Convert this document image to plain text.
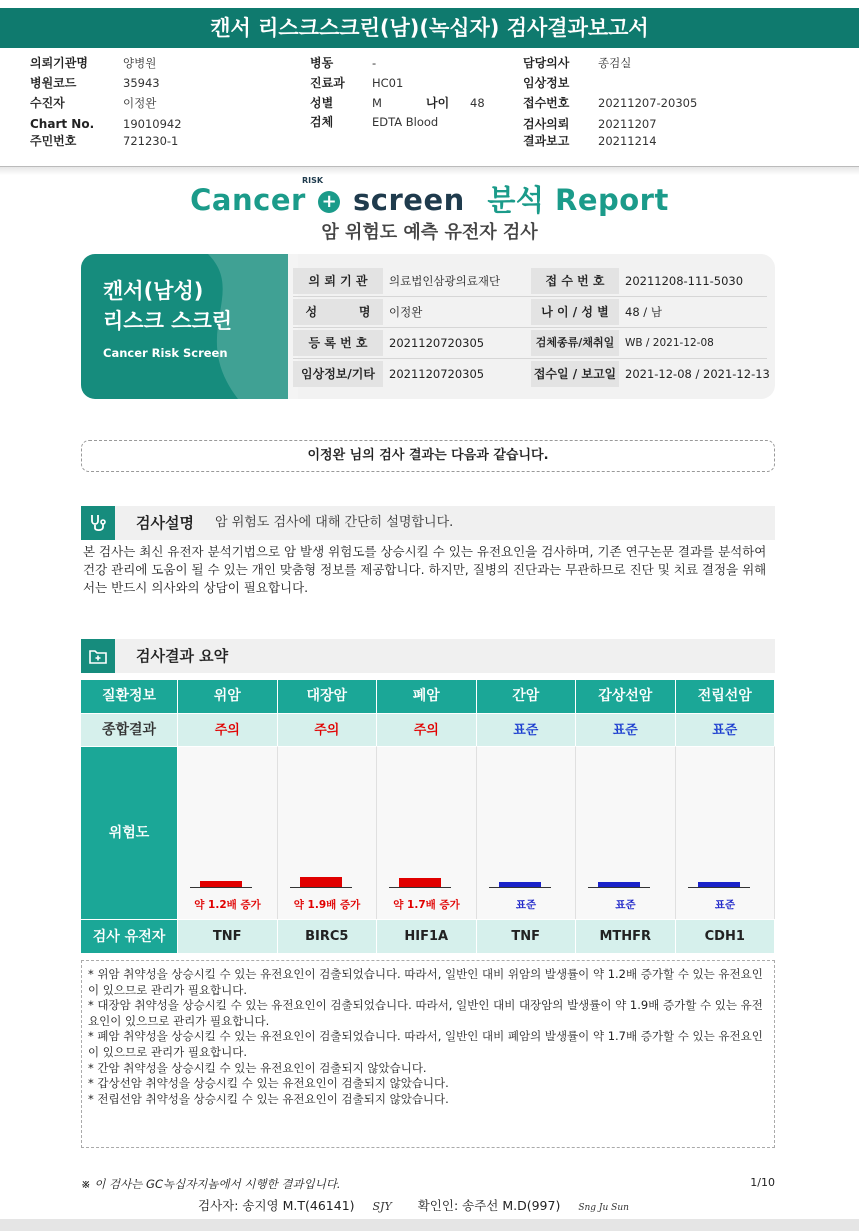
캔서 리스크스크린(남)(녹십자) 검사결과보고서
의뢰기관명	양병원
병원코드	35943
수진자	이정완
Chart No.	19010942
주민번호	721230-1
병동	-
진료과 HC01
성별	M	나이 48
검체	EDTA Blood
담당의사 종검실
임상정보
접수번호 20211207-20305
검사의뢰 20211207
결과보고 20211214
RISK
Cancer + screen 분석 Report
암 위험도 예측 유전자 검사
캔서(남성)
리스크 스크린
Cancer Risk Screen
의 뢰 기 관	의료법인삼광의료재단	접 수 번 호	20211208-111-5030
성          명	이정완	나 이 / 성 별	48 / 남
등 록 번 호	2021120720305	검체종류/채취일	WB / 2021-12-08
임상정보/기타	2021120720305	접수일 / 보고일 2021-12-08 / 2021-12-13
이정완 님의 검사 결과는 다음과 같습니다.
검사설명 암 위험도 검사에 대해 간단히 설명합니다.
본 검사는 최신 유전자 분석기법으로 암 발생 위험도를 상승시킬 수 있는 유전요인을 검사하며, 기존 연구논문 결과를 분석하여 건강 관리에 도움이 될 수 있는 개인 맞춤형 정보를 제공합니다. 하지만, 질병의 진단과는 무관하므로 진단 및 치료 결정을 위해서는 반드시 의사와의 상담이 필요합니다.
검사결과 요약
질환정보	위암	대장암	폐암	간암	갑상선암	전립선암
종합결과	주의	주의	주의	표준	표준	표준
위험도
약 1.2배 증가	약 1.9배 증가	약 1.7배 증가	표준	표준	표준
검사 유전자	TNF	BIRC5	HIF1A	TNF	MTHFR	CDH1

* 위암 취약성을 상승시킬 수 있는 유전요인이 검출되었습니다. 따라서, 일반인 대비 위암의 발생률이 약 1.2배 증가할 수 있는 유전요인이 있으므로 관리가 필요합니다.

* 대장암 취약성을 상승시킬 수 있는 유전요인이 검출되었습니다. 따라서, 일반인 대비 대장암의 발생률이 약 1.9배 증가할 수 있는 유전요인이 있으므로 관리가 필요합니다.

* 폐암 취약성을 상승시킬 수 있는 유전요인이 검출되었습니다. 따라서, 일반인 대비 폐암의 발생률이 약 1.7배 증가할 수 있는 유전요인이 있으므로 관리가 필요합니다.

* 간암 취약성을 상승시킬 수 있는 유전요인이 검출되지 않았습니다.

* 갑상선암 취약성을 상승시킬 수 있는 유전요인이 검출되지 않았습니다.

* 전립선암 취약성을 상승시킬 수 있는 유전요인이 검출되지 않았습니다.

※ 이 검사는 GC녹십자지놈에서 시행한 결과입니다.	1/10
검사자: 송지영 M.T(46141) SJY 확인인: 송주선 M.D(997) Sng Ju Sun
